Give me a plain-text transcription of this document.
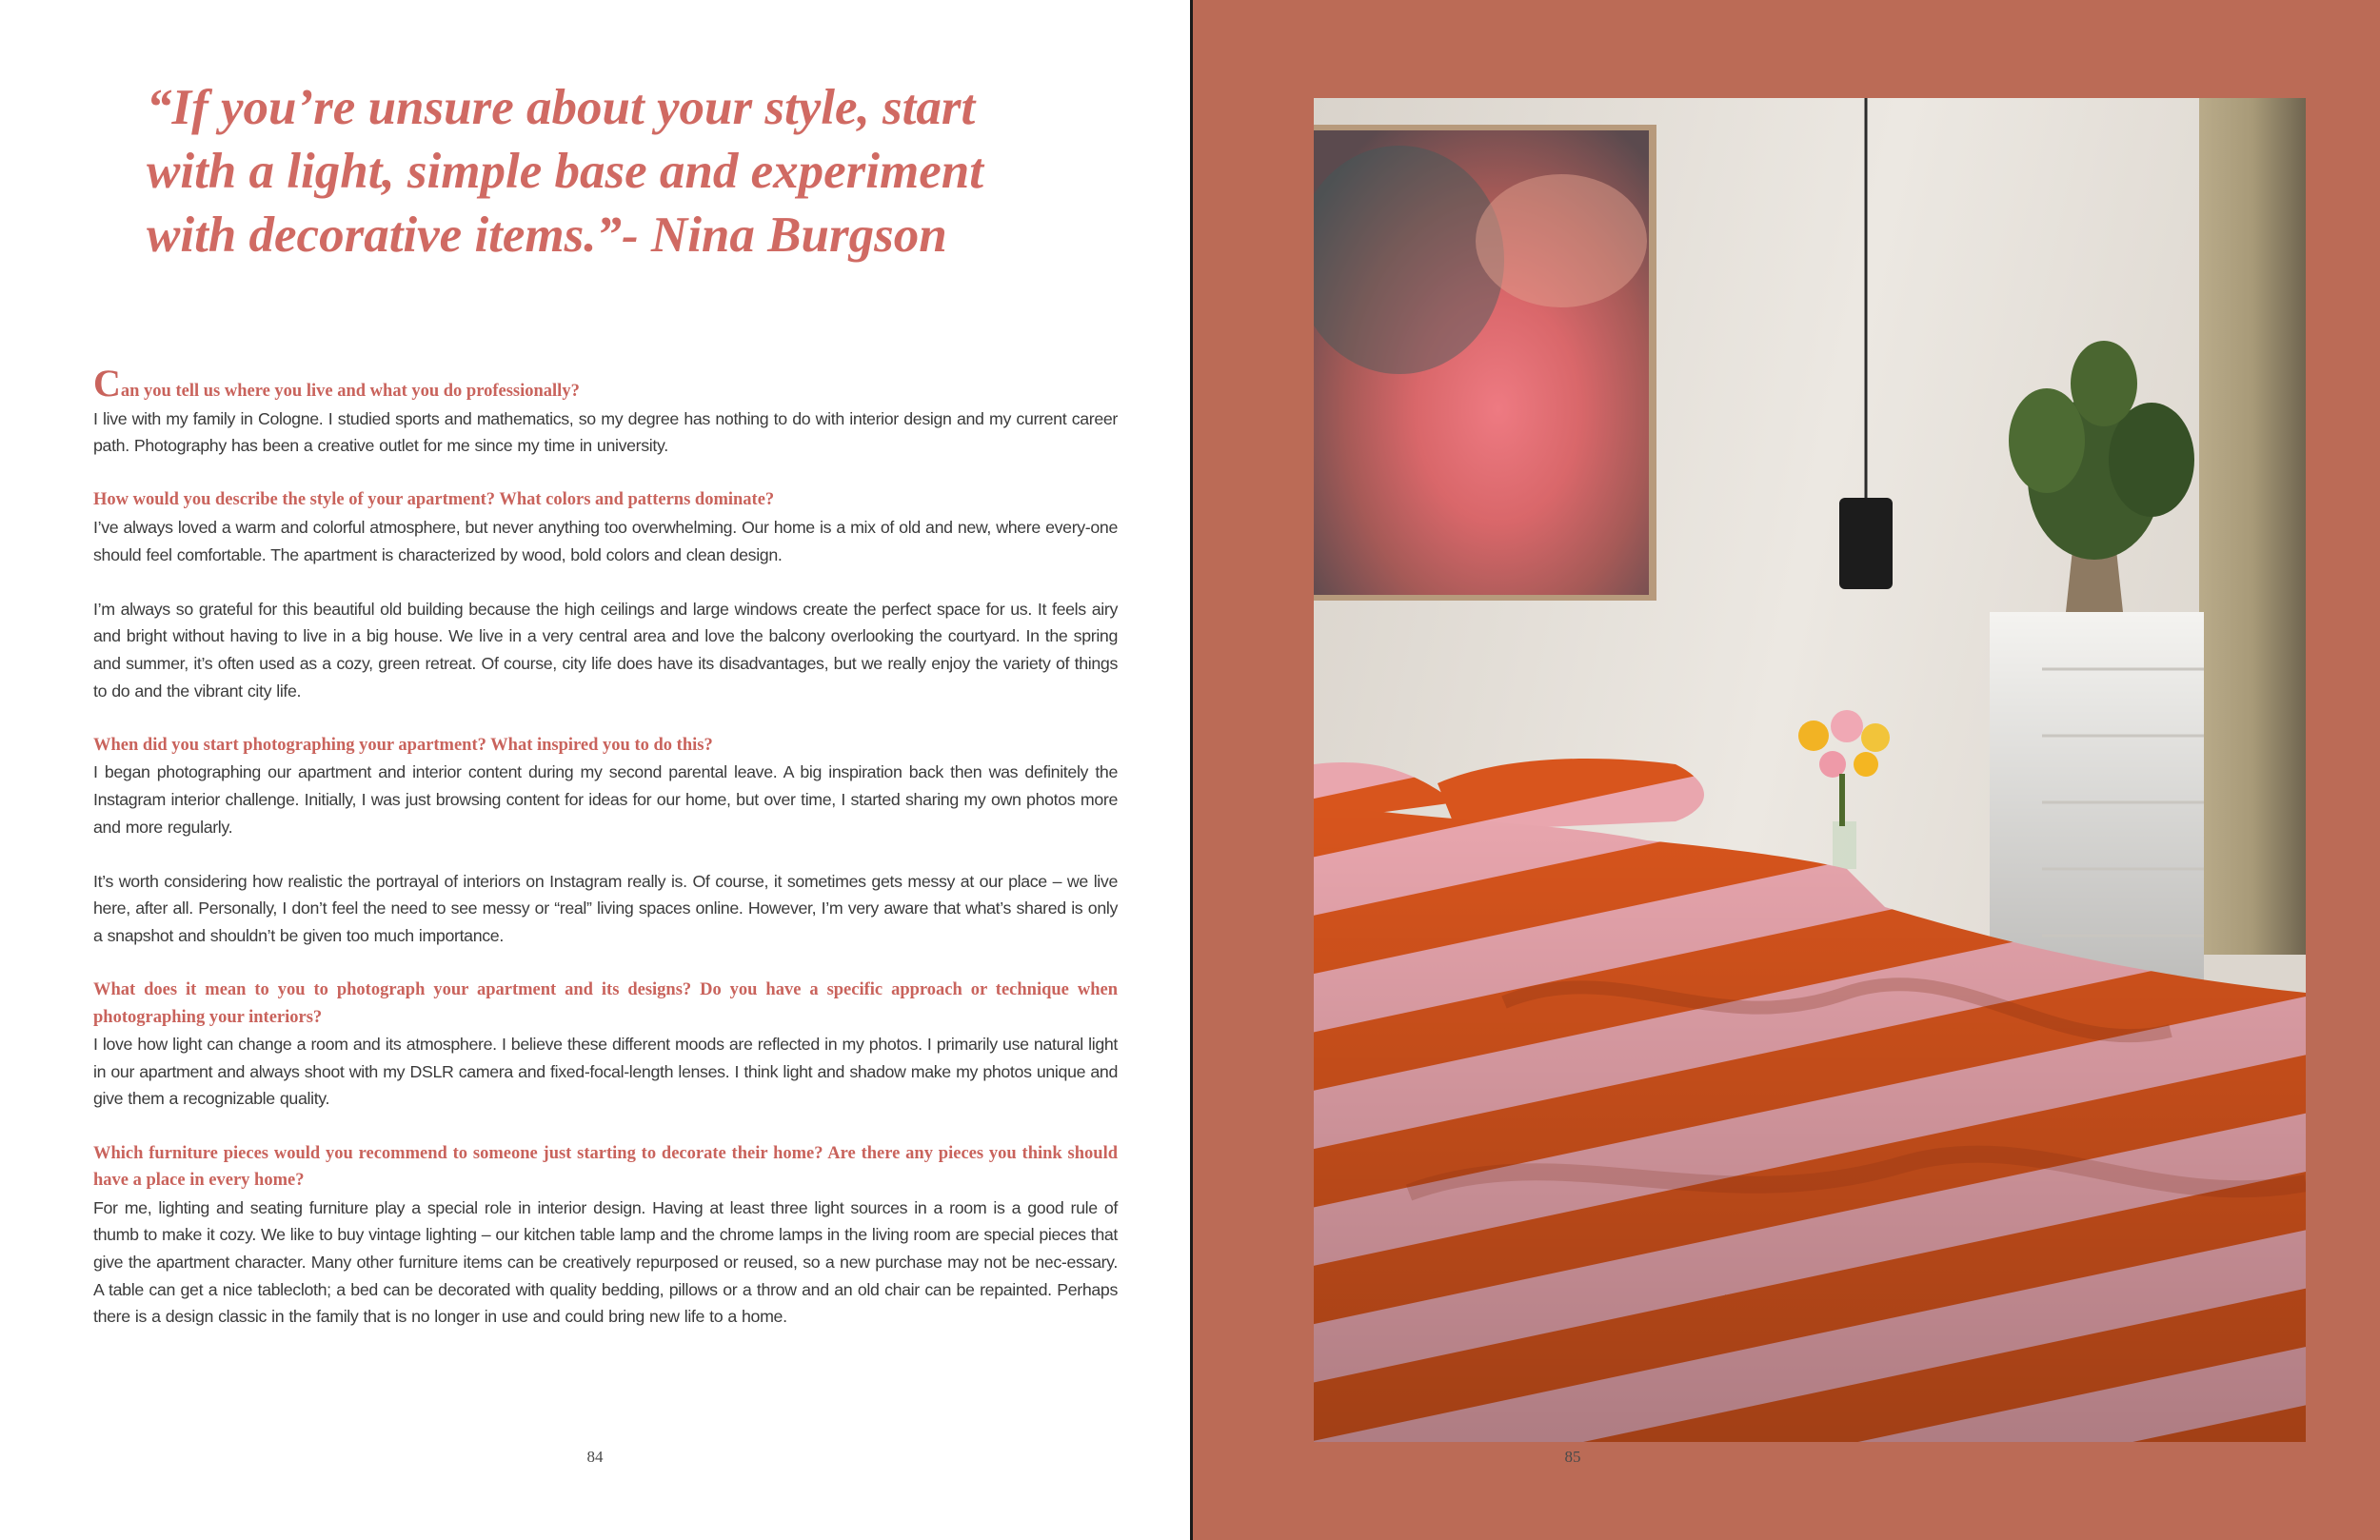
“If you’re unsure about your style, start with a light, simple base and experiment with decorative items.”- Nina Burgson

Can you tell us where you live and what you do professionally?

I live with my family in Cologne. I studied sports and mathematics, so my degree has nothing to do with interior design and my current career path. Photography has been a creative outlet for me since my time in university.

How would you describe the style of your apartment? What colors and patterns dominate?

I’ve always loved a warm and colorful atmosphere, but never anything too overwhelming. Our home is a mix of old and new, where every-one should feel comfortable. The apartment is characterized by wood, bold colors and clean design.

I’m always so grateful for this beautiful old building because the high ceilings and large windows create the perfect space for us. It feels airy and bright without having to live in a big house. We live in a very central area and love the balcony overlooking the courtyard. In the spring and summer, it’s often used as a cozy, green retreat. Of course, city life does have its disadvantages, but we really enjoy the variety of things to do and the vibrant city life.

When did you start photographing your apartment? What inspired you to do this?

I began photographing our apartment and interior content during my second parental leave. A big inspiration back then was definitely the Instagram interior challenge. Initially, I was just browsing content for ideas for our home, but over time, I started sharing my own photos more and more regularly.

It’s worth considering how realistic the portrayal of interiors on Instagram really is. Of course, it sometimes gets messy at our place – we live here, after all. Personally, I don’t feel the need to see messy or “real” living spaces online. However, I’m very aware that what’s shared is only a snapshot and shouldn’t be given too much importance.

What does it mean to you to photograph your apartment and its designs? Do you have a specific approach or technique when photographing your interiors?

I love how light can change a room and its atmosphere. I believe these different moods are reflected in my photos. I primarily use natural light in our apartment and always shoot with my DSLR camera and fixed-focal-length lenses. I think light and shadow make my photos unique and give them a recognizable quality.

Which furniture pieces would you recommend to someone just starting to decorate their home? Are there any pieces you think should have a place in every home?

For me, lighting and seating furniture play a special role in interior design. Having at least three light sources in a room is a good rule of thumb to make it cozy. We like to buy vintage lighting – our kitchen table lamp and the chrome lamps in the living room are special pieces that give the apartment character. Many other furniture items can be creatively repurposed or reused, so a new purchase may not be nec-essary. A table can get a nice tablecloth; a bed can be decorated with quality bedding, pillows or a throw and an old chair can be repainted. Perhaps there is a design classic in the family that is no longer in use and could bring new life to a home.

84	85
